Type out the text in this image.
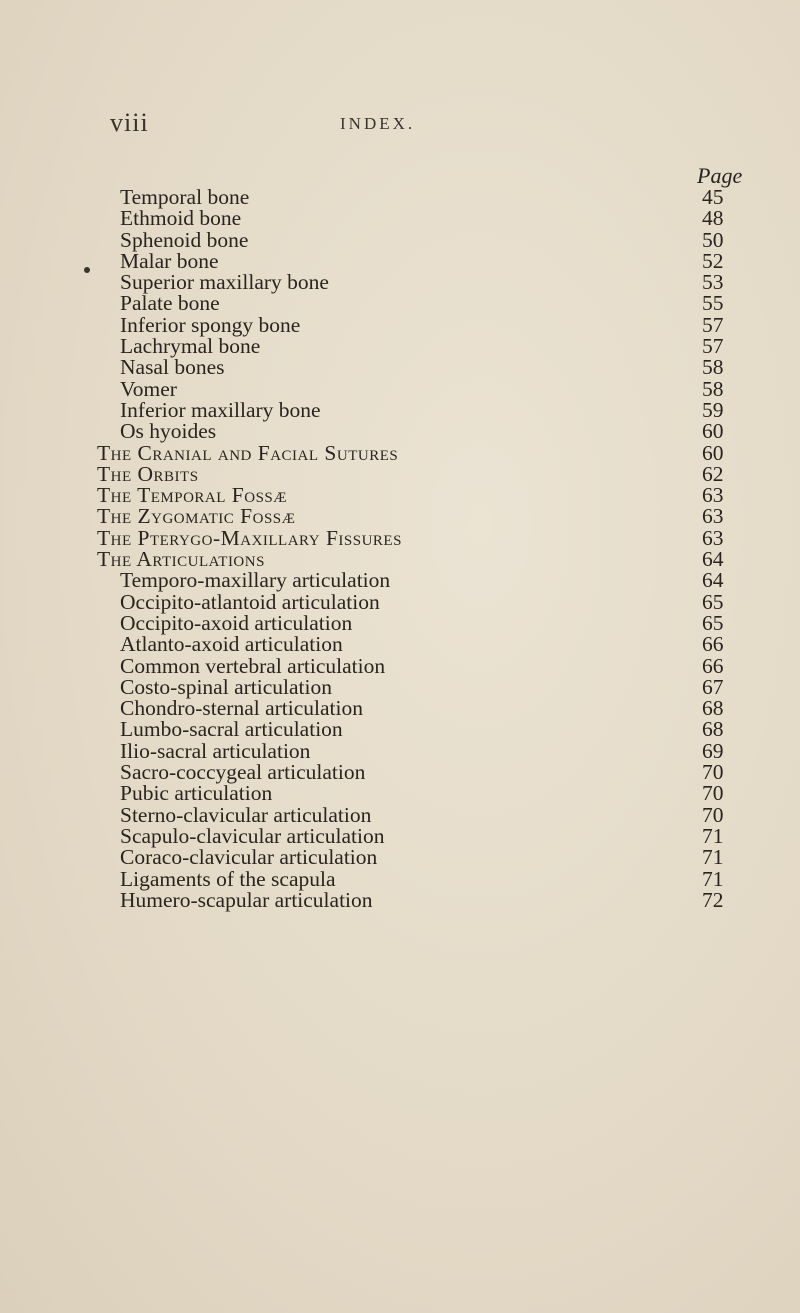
viii	INDEX.
Page
Temporal bone	45
Ethmoid bone	48
Sphenoid bone	50
Malar bone	52
Superior maxillary bone	53
Palate bone	55
Inferior spongy bone	57
Lachrymal bone	57
Nasal bones	58
Vomer	58
Inferior maxillary bone	59
Os hyoides	60
The Cranial and Facial Sutures	60
The Orbits	62
The Temporal Fossæ	63
The Zygomatic Fossæ	63
The Pterygo-Maxillary Fissures	63
The Articulations	64
Temporo-maxillary articulation	64
Occipito-atlantoid articulation	65
Occipito-axoid articulation	65
Atlanto-axoid articulation	66
Common vertebral articulation	66
Costo-spinal articulation	67
Chondro-sternal articulation	68
Lumbo-sacral articulation	68
Ilio-sacral articulation	69
Sacro-coccygeal articulation	70
Pubic articulation	70
Sterno-clavicular articulation	70
Scapulo-clavicular articulation	71
Coraco-clavicular articulation	71
Ligaments of the scapula	71
Humero-scapular articulation	72
